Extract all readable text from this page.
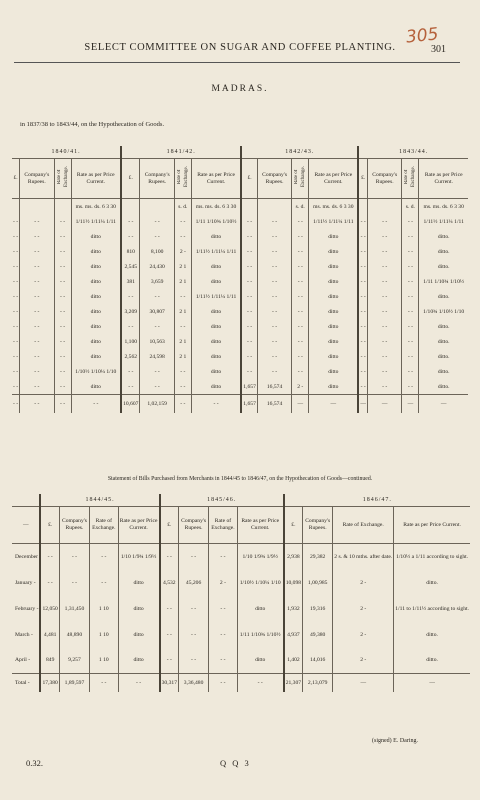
305
SELECT COMMITTEE ON SUGAR AND COFFEE PLANTING.	301
MADRAS.
in 1837/38 to 1843/44, on the Hypothecation of Goods.
1840/41.				1841/42.				1842/43.				1843/44.			
£.	Company's Rupees.	Rate of Exchange.	Rate as per Price Current.	£.	Company's Rupees.	Rate of Exchange.	Rate as per Price Current.	£.	Company's Rupees.	Rate of Exchange.	Rate as per Price Current.	£.	Company's Rupees.	Rate of Exchange.	Rate as per Price Current.
			ms. ms. ds. 6 3 30			s. d.	ms. ms. ds. 6 3 30			s. d.	ms. ms. ds. 6 3 30			s. d.	ms. ms. ds. 6 3 30
- -	- -	- -	1/11½ 1/11¼ 1/11	- -	- -	- -	1/11 1/10¾ 1/10½	- -	- -	- -	1/11½ 1/11¼ 1/11	- -	- -	- -	1/11½ 1/11¼ 1/11
- -	- -	- -	ditto	- -	- -	- -	ditto	- -	- -	- -	ditto	- -	- -	- -	ditto.
- -	- -	- -	ditto	810	8,100	2 -	1/11½ 1/11¼ 1/11	- -	- -	- -	ditto	- -	- -	- -	ditto.
- -	- -	- -	ditto	2,545	24,430	2 1	ditto	- -	- -	- -	ditto	- -	- -	- -	ditto.
- -	- -	- -	ditto	381	3,659	2 1	ditto	- -	- -	- -	ditto	- -	- -	- -	1/11 1/10¾ 1/10½
- -	- -	- -	ditto	- -	- -	- -	1/11½ 1/11¼ 1/11	- -	- -	- -	ditto	- -	- -	- -	ditto.
- -	- -	- -	ditto	3,209	30,807	2 1	ditto	- -	- -	- -	ditto	- -	- -	- -	1/10¾ 1/10½ 1/10
- -	- -	- -	ditto	- -	- -	- -	ditto	- -	- -	- -	ditto	- -	- -	- -	ditto.
- -	- -	- -	ditto	1,100	10,563	2 1	ditto	- -	- -	- -	ditto	- -	- -	- -	ditto.
- -	- -	- -	ditto	2,562	24,598	2 1	ditto	- -	- -	- -	ditto	- -	- -	- -	ditto.
- -	- -	- -	1/10½ 1/10¼ 1/10	- -	- -	- -	ditto	- -	- -	- -	ditto	- -	- -	- -	ditto.
- -	- -	- -	ditto	- -	- -	- -	ditto	1,657	16,574	2 -	ditto	- -	- -	- -	ditto.
- -	- -	- -	- -	10,607	1,02,159	- -	- -	1,657	16,574	—	—	—	—	—	—
Statement of Bills Purchased from Merchants in 1844/45 to 1846/47, on the Hypothecation of Goods—continued.
	1844/45.				1845/46.				1846/47.			
—	£.	Company's Rupees.	Rate of Exchange.	Rate as per Price Current.	£.	Company's Rupees.	Rate of Exchange.	Rate as per Price Current.	£.	Company's Rupees.	Rate of Exchange.	Rate as per Price Current.
December	- -	- -	- -	1/10 1/9¾ 1/9½	- -	- -	- -	1/10 1/9¾ 1/9½	2,938	29,382	2 s. & 10 mths. after date.	1/10½ a 1/11 according to sight.
January -	- -	- -	- -	ditto	4,532	45,206	2 -	1/10½ 1/10¼ 1/10	10,098	1,00,985	2 -	ditto.
February -	12,050	1,31,450	1 10	ditto	- -	- -	- -	ditto	1,932	19,316	2 -	1/11 to 1/11½ according to sight.
March -	4,481	48,890	1 10	ditto	- -	- -	- -	1/11 1/10¾ 1/10½	4,937	49,380	2 -	ditto.
April -	849	9,257	1 10	ditto	- -	- -	- -	ditto	1,402	14,016	2 -	ditto.
Total -	17,380	1,89,597	- -	- -	30,317	3,36,480	- -	- -	21,307	2,13,079	—	—
(signed) E. Daring.
0.32.	Q Q 3
